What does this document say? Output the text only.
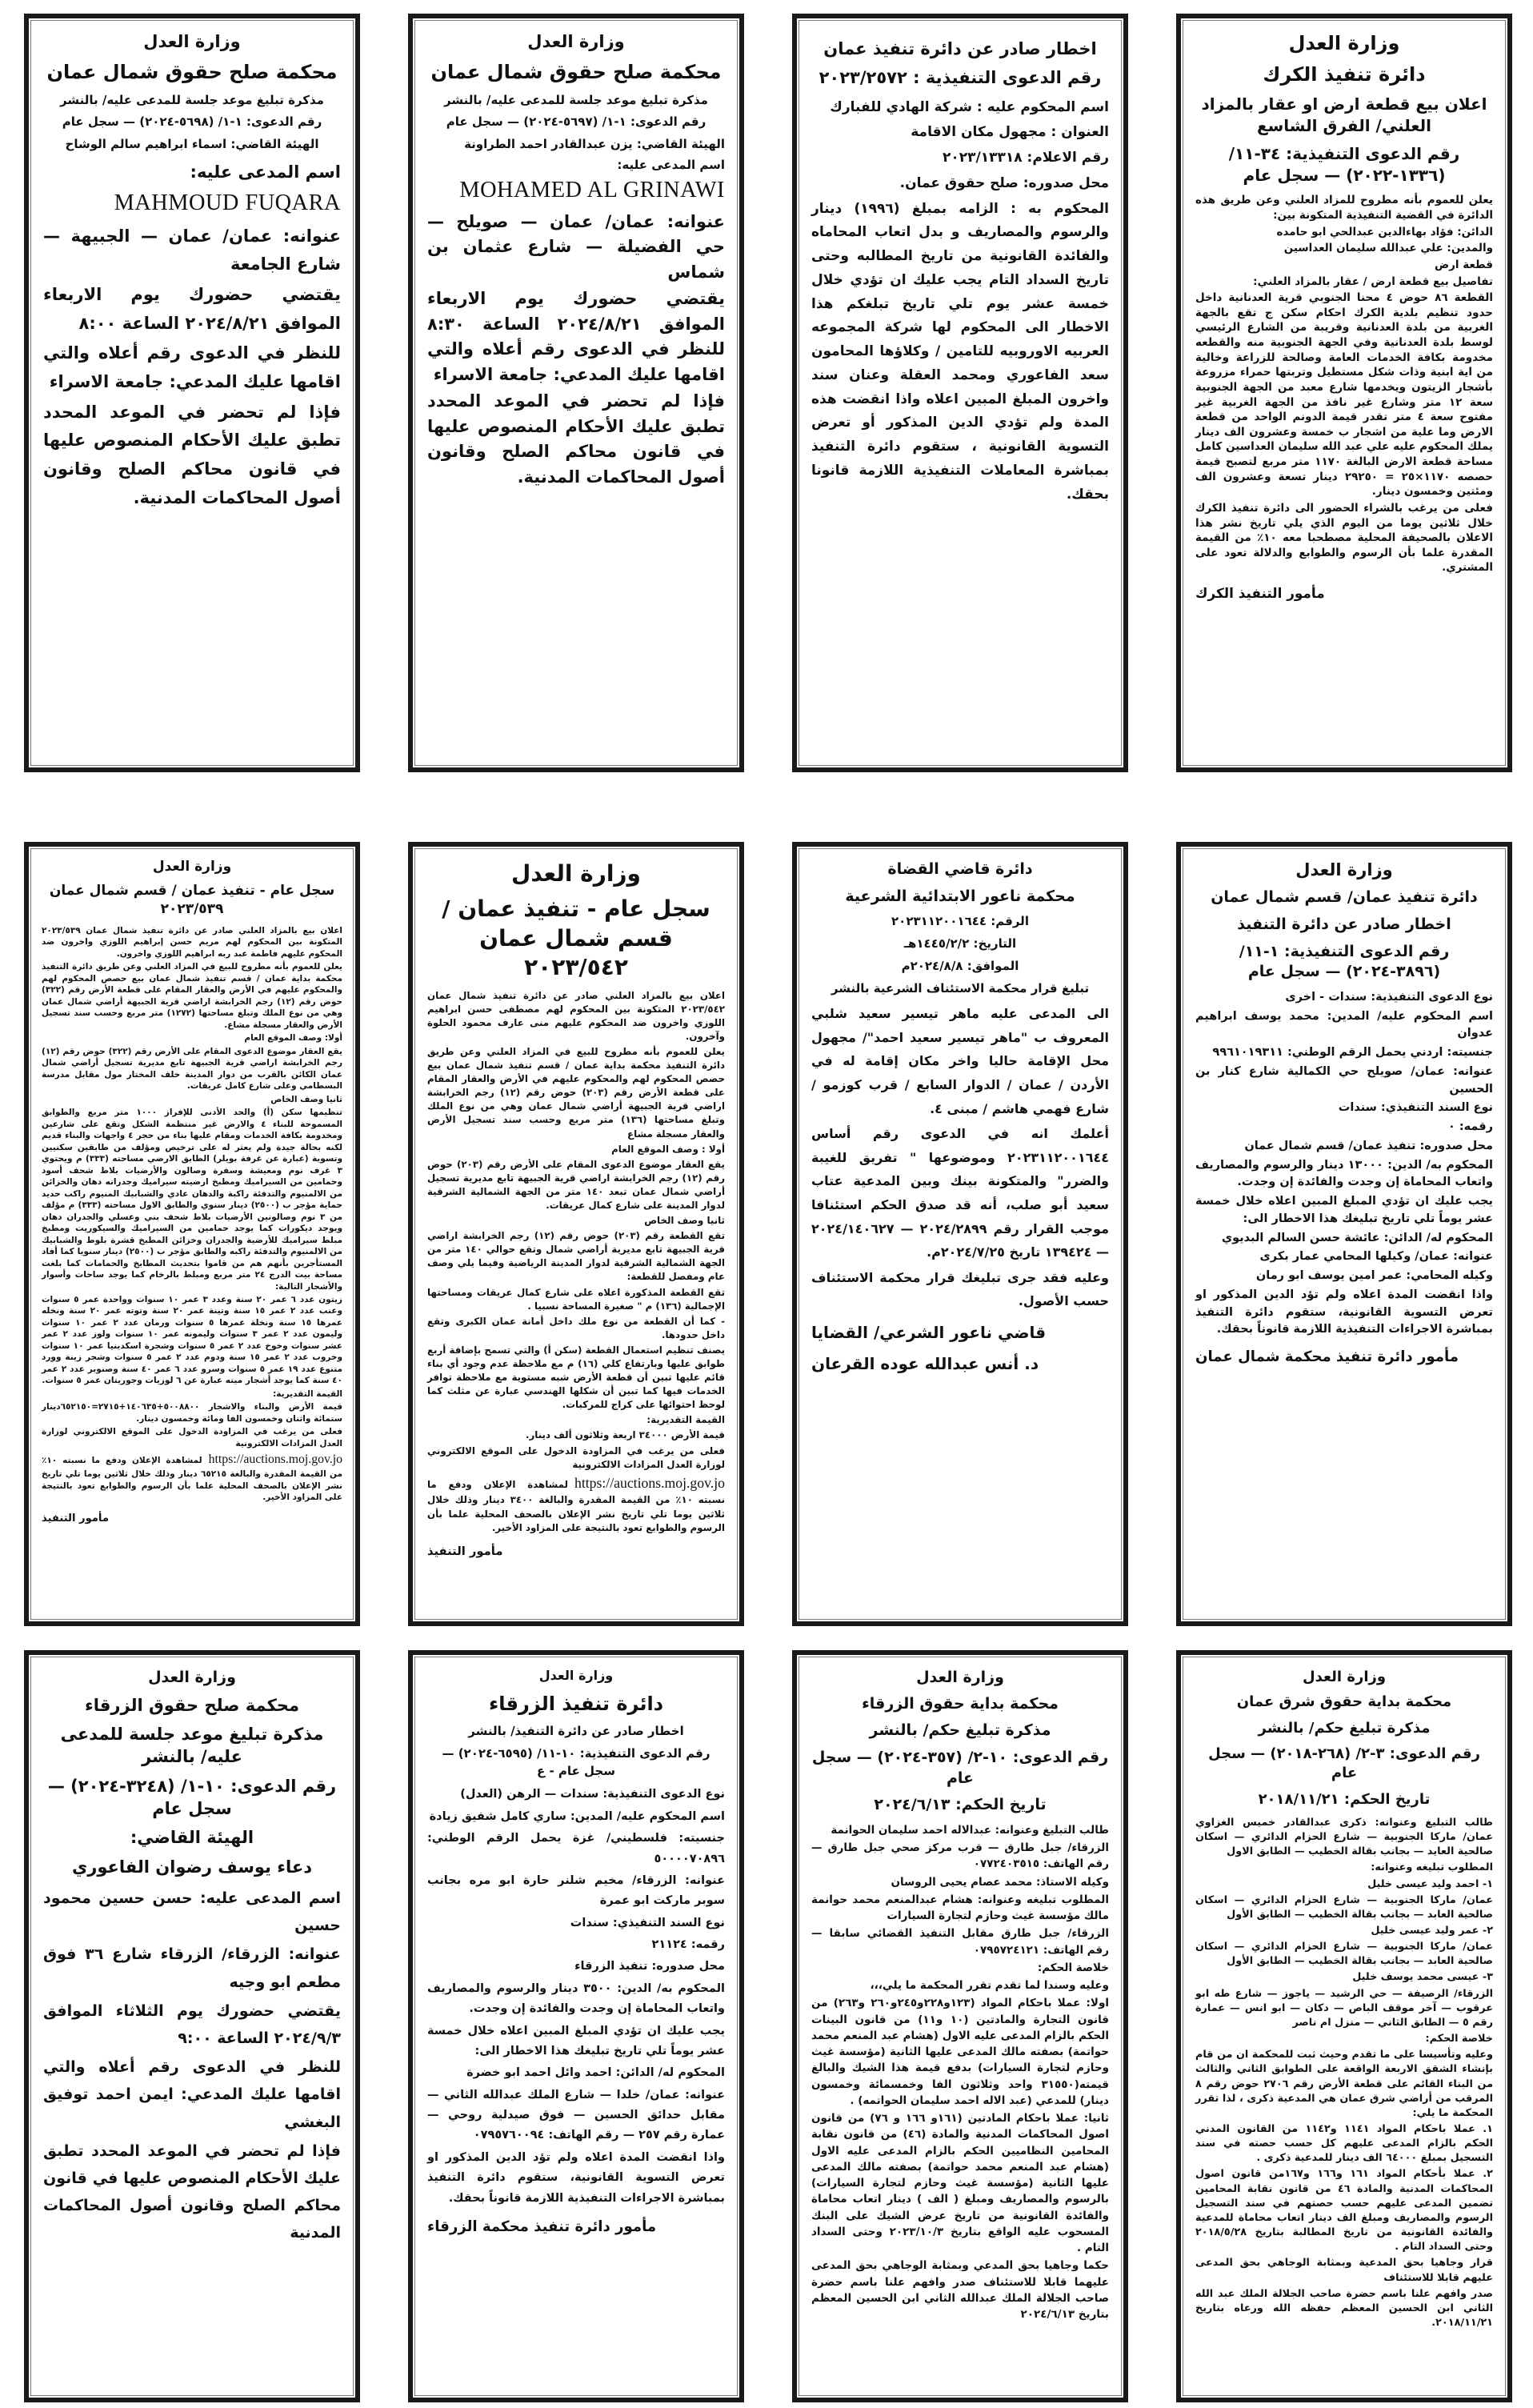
وزارة العدل
دائرة تنفيذ الكرك
اعلان بيع قطعة ارض او عقار بالمزاد العلني/ الفرق الشاسع
رقم الدعوى التنفيذية: ٣٤-١١/ (١٣٣٦-٢٠٢٢) — سجل عام
يعلن للعموم بأنه مطروح للمزاد العلني وعن طريق هذه الدائرة في القضية التنفيذية المتكونة بين:
الدائن: فؤاد بهاءالدين عبدالحي ابو حامده
والمدين: علي عبدالله سليمان العداسين
قطعة ارض
تفاصيل بيع قطعة ارض / عقار بالمزاد العلني:
القطعة ٨٦ حوض ٤ محنا الجنوبي قرية العدنانية داخل حدود تنظيم بلدية الكرك احكام سكن ج تقع بالجهة الغربية من بلدة العدنانية وقريبة من الشارع الرئيسي لوسط بلدة العدنانية وفي الجهة الجنوبية منه والقطعه مخدومة بكافة الخدمات العامة وصالحة للزراعة وخالية من اية ابنية وذات شكل مستطيل وتربتها حمراء مزروعة بأشجار الزيتون ويخدمها شارع معبد من الجهة الجنوبية سعة ١٢ متر وشارع غير نافذ من الجهة الغربية غير مفتوح سعة ٤ متر تقدر قيمة الدونم الواحد من قطعة الارض وما علية من اشجار ب خمسة وعشرون الف دينار يملك المحكوم عليه علي عبد الله سليمان العداسين كامل مساحة قطعة الارض البالغة ١١٧٠ متر مربع لتصبح قيمة حصصه ١١٧٠×٢٥ = ٢٩٢٥٠ دينار تسعة وعشرون الف ومئتين وخمسون دينار.
فعلى من يرغب بالشراء الحضور الى دائرة تنفيذ الكرك خلال ثلاثين يوما من اليوم الذي يلي تاريخ نشر هذا الاعلان بالصحيفة المحلية مصطحبا معه ١٠٪ من القيمة المقدرة علما بأن الرسوم والطوابع والدلالة تعود على المشتري.
مأمور التنفيذ الكرك
اخطار صادر عن دائرة تنفيذ عمان
رقم الدعوى التنفيذية : ٢٠٢٣/٢٥٧٢
اسم المحكوم عليه : شركة الهادي للفبارك
العنوان : مجهول مكان الاقامة
رقم الاعلام: ٢٠٢٣/١٣٣١٨
محل صدوره: صلح حقوق عمان.
المحكوم به : الزامه بمبلغ (١٩٩٦) دينار والرسوم والمصاريف و بدل اتعاب المحاماه والفائدة القانونية من تاريخ المطالبه وحتى تاريخ السداد التام يجب عليك ان تؤدي خلال خمسة عشر يوم تلي تاريخ تبلغكم هذا الاخطار الى المحكوم لها شركة المجموعه العربيه الاوروبيه للتامين / وكلاؤها المحامون سعد الفاعوري ومحمد العقلة وعنان سند واخرون المبلغ المبين اعلاه واذا انقضت هذه المدة ولم تؤدي الدين المذكور أو تعرض التسوية القانونية ، ستقوم دائرة التنفيذ بمباشرة المعاملات التنفيذية اللازمة قانونا بحقك.
وزارة العدل
محكمة صلح حقوق شمال عمان
مذكرة تبليغ موعد جلسة للمدعى عليه/ بالنشر
رقم الدعوى: ١-١/ (٥٦٩٧-٢٠٢٤) — سجل عام
الهيئة القاضي: يزن عبدالقادر احمد الطراونة
اسم المدعى عليه:
MOHAMED AL GRINAWI
عنوانه: عمان/ عمان — صويلح — حي الفضيلة — شارع عثمان بن شماس
يقتضي حضورك يوم الاربعاء الموافق ٢٠٢٤/٨/٢١ الساعة ٨:٣٠ للنظر في الدعوى رقم أعلاه والتي اقامها عليك المدعي: جامعة الاسراء
فإذا لم تحضر في الموعد المحدد تطبق عليك الأحكام المنصوص عليها في قانون محاكم الصلح وقانون أصول المحاكمات المدنية.
وزارة العدل
محكمة صلح حقوق شمال عمان
مذكرة تبليغ موعد جلسة للمدعى عليه/ بالنشر
رقم الدعوى: ١-١/ (٥٦٩٨-٢٠٢٤) — سجل عام
الهيئة القاضي: اسماء ابراهيم سالم الوشاح
اسم المدعى عليه:
MAHMOUD FUQARA
عنوانه: عمان/ عمان — الجبيهة — شارع الجامعة
يقتضي حضورك يوم الاربعاء الموافق ٢٠٢٤/٨/٢١ الساعة ٨:٠٠
للنظر في الدعوى رقم أعلاه والتي اقامها عليك المدعي: جامعة الاسراء
فإذا لم تحضر في الموعد المحدد تطبق عليك الأحكام المنصوص عليها في قانون محاكم الصلح وقانون أصول المحاكمات المدنية.
وزارة العدل
دائرة تنفيذ عمان/ قسم شمال عمان
اخطار صادر عن دائرة التنفيذ
رقم الدعوى التنفيذية: ١-١١/ (٣٨٩٦-٢٠٢٤) — سجل عام
نوع الدعوى التنفيذية: سندات - اخرى
اسم المحكوم عليه/ المدين: محمد يوسف ابراهيم عدوان
جنسيته: اردني يحمل الرقم الوطني: ٩٩٦١٠١٩٣١١
عنوانه: عمان/ صويلح حي الكمالية شارع كنار بن الحسين
نوع السند التنفيذي: سندات
رقمه: ٠
محل صدوره: تنفيذ عمان/ قسم شمال عمان
المحكوم به/ الدين: ١٣٠٠٠ دينار والرسوم والمصاريف واتعاب المحاماة إن وجدت والفائدة إن وجدت.
يجب عليك ان تؤدي المبلغ المبين اعلاه خلال خمسة عشر يوماً تلي تاريخ تبليغك هذا الاخطار الى:
المحكوم له/ الدائن: عائشة حسن السالم البديوي
عنوانه: عمان/ وكيلها المحامي عمار بكرى
وكيله المحامي: عمر امين يوسف ابو رمان
واذا انقضت المدة اعلاه ولم تؤد الدين المذكور او تعرض التسوية القانونية، ستقوم دائرة التنفيذ بمباشرة الاجراءات التنفيذية اللازمة قانوناً بحقك.
مأمور دائرة تنفيذ محكمة شمال عمان
دائرة قاضي القضاة
محكمة ناعور الابتدائية الشرعية
الرقم: ٢٠٢٣١١٢٠٠١٦٤٤
التاريخ: ١٤٤٥/٢/٢هـ
الموافق: ٢٠٢٤/٨/٨م
تبليغ قرار محكمة الاستئناف الشرعية بالنشر
الى المدعى عليه ماهر تيسير سعيد شلبي المعروف ب "ماهر تيسير سعيد احمد"/ مجهول محل الإقامة حاليا واخر مكان إقامة له في الأردن / عمان / الدوار السابع / قرب كوزمو / شارع فهمي هاشم / مبنى ٤.
أعلمك انه في الدعوى رقم أساس ٢٠٢٣١١٢٠٠١٦٤٤ وموضوعها " تفريق للغيبة والضرر" والمتكونة بينك وبين المدعية عتاب سعيد أبو صلب، أنه قد صدق الحكم استئنافا موجب القرار رقم ٢٠٢٤/٢٨٩٩ — ٢٠٢٤/١٤٠٦٢٧ — ١٣٩٤٢٤ تاريخ ٢٠٢٤/٧/٢٥م.
وعليه فقد جرى تبليغك قرار محكمة الاستئناف حسب الأصول.
قاضي ناعور الشرعي/ القضايا
د. أنس عبدالله عوده القرعان
وزارة العدل
سجل عام - تنفيذ عمان / قسم شمال عمان ٢٠٢٣/٥٤٢
اعلان بيع بالمزاد العلني صادر عن دائرة تنفيذ شمال عمان ٢٠٢٣/٥٤٢ المتكونة بين المحكوم لهم مصطفى حسن ابراهيم اللوزي واخرون ضد المحكوم عليهم منى عارف محمود الحلوة وآخرون.
يعلن للعموم بأنه مطروح للبيع في المزاد العلني وعن طريق دائرة التنفيذ محكمة بداية عمان / قسم تنفيذ شمال عمان بيع حصص المحكوم لهم والمحكوم عليهم في الأرض والعقار المقام على قطعة الأرض رقم (٢٠٣) حوض رقم (١٢) رجم الخرابشة اراضي قرية الجبيهة أراضي شمال عمان وهي من نوع الملك وتبلغ مساحتها (١٣٦) متر مربع وحسب سند تسجيل الأرض والعقار مسجلة مشاع
أولا : وصف الموقع العام
يقع العقار موضوع الدعوى المقام على الأرض رقم (٢٠٣) حوض رقم (١٢) رجم الخرابشة اراضي قرية الجبيهة تابع مديرية تسجيل أراضي شمال عمان تبعد ١٤٠ متر من الجهة الشمالية الشرقية لدوار المدينة على شارع كمال عريقات.
ثانيا وصف الخاص
تقع القطعة رقم (٢٠٣) حوض رقم (١٢) رجم الخرابشة اراضي قرية الجبيهة تابع مديرية أراضي شمال وتقع حوالي ١٤٠ متر من الجهة الشمالية الشرقية لدوار المدينة الرياضية وفيما يلي وصف عام ومفصل للقطعة:
تقع القطعة المذكورة اعلاه على شارع كمال عريقات ومساحتها الإجمالية (١٣٦) م " صغيرة المساحة نسبيا .
- كما أن القطعة من نوع ملك داخل أمانة عمان الكبرى وتقع داخل حدودها.
يصنف تنظيم استعمال القطعة (سكن أ) والتي تسمح بإضافة أربع طوابق عليها وبارتفاع كلي (١٦) م مع ملاحظة عدم وجود أي بناء قائم عليها تبين أن قطعة الأرض شبه مستوية مع ملاحظة توافر الخدمات فيها كما تبين أن شكلها الهندسي عبارة عن مثلث كما لوحظ احتوائها على كراج للمركبات.
القيمة التقديرية:
قيمة الأرض ٣٤٠٠٠ اربعة وثلاثون ألف دينار.
فعلى من يرغب في المزاودة الدخول على الموقع الالكتروني لوزارة العدل المزادات الالكترونية
https://auctions.moj.gov.joلمشاهدة الإعلان ودفع ما نسبته ١٠٪ من القيمة المقدرة والبالغة ٣٤٠٠ دينار وذلك خلال ثلاثين يوما تلي تاريخ نشر الإعلان بالصحف المحلية علما بأن الرسوم والطوابع تعود بالنتيجة على المزاود الأخير.
مأمور التنفيذ
وزارة العدل
سجل عام - تنفيذ عمان / قسم شمال عمان ٢٠٢٣/٥٣٩
اعلان بيع بالمزاد العلني صادر عن دائرة تنفيذ شمال عمان ٢٠٢٣/٥٣٩ المتكونة بين المحكوم لهم مريم حسن إبراهيم اللوزي واخرون ضد المحكوم عليهم فاطمة عبد ربه ابراهيم اللوزي واخرون.
يعلن للعموم بأنه مطروح للبيع في المزاد العلني وعن طريق دائرة التنفيذ محكمة بداية عمان / قسم تنفيذ شمال عمان بيع حصص المحكوم لهم والمحكوم عليهم في الأرض والعقار المقام على قطعة الأرض رقم (٣٢٢) حوض رقم (١٢) رجم الخرابشة اراضي قرية الجبيهة أراضي شمال عمان وهي من نوع الملك وتبلغ مساحتها (١٢٧٢) متر مربع وحسب سند تسجيل الأرض والعقار مسجلة مشاع.
أولا: وصف الموقع العام
يقع العقار موضوع الدعوى المقام على الأرض رقم (٣٢٢) حوض رقم (١٢) رجم الخرابشة اراضي قرية الجبيهة تابع مديرية تسجيل أراضي شمال عمان الكائن بالقرب من دوار المدينة خلف المختار مول مقابل مدرسة البسطامي وعلى شارع كامل عريقات.
ثانيا وصف الخاص
تنظيمها سكن (أ) والحد الأدنى للإفراز ١٠٠٠ متر مربع والطوابق المسموحة للبناء ٤ والارض غير منتظمة الشكل وتقع على شارعين ومخدومة بكافة الخدمات ومقام عليها بناء من حجر ٤ واجهات والبناء قديم لكنه بحالة جيدة ولم يعثر له على ترخيص ومؤلف من طابقين سكنيين وتسوية (عبارة عن غرفة بويلر) الطابق الارضي مساحته (٣٣٣) م ويحتوي ٣ غرف نوم ومعيشة وسفرة وصالون والأرضيات بلاط شحف أسود وحمامين من السيراميك ومطبخ ارضيته سيراميك وجدرانه دهان والخزائن من الالمنيوم والتدفئة راكبة والدهان عادي والشبابيك المنيوم راكب حديد حماية مؤجر ب (٢٥٠٠) دينار سنوي والطابق الاول مساحته (٣٣٣) م مؤلف من ٣ نوم وصالونين الأرضيات بلاط شحف بني وعسلي والجدران دهان ويوجد ديكورات كما يوجد حمامين من السيراميك والسيكوريت ومطبخ مبلط سيراميك للأرضية والجدران وخزائن المطبخ قشرة بلوط والشبابيك من الالمنيوم والتدفئة راكبه والطابق مؤجر ب (٢٥٠٠) دينار سنويا كما أفاد المستأجرين بأنهم هم من قاموا بتحديث المطابخ والحمامات كما بلغت مساحة بيت الدرج ٢٤ متر مربع ومبلط بالرخام كما يوجد ساحات وأسوار والأشجار التالية:
زيتون عدد ٦ عمر ٢٠ سنة وعدد ٣ عمر ١٠ سنوات وواحدة عمر ٥ سنوات وعنب عدد ٢ عمر ١٥ سنة وتينة عمر ٢٠ سنة وتوته عمر ٢٠ سنة ونخله عمرها ١٥ سنة ونخلة عمرها ٥ سنوات ورمان عدد ٢ عمر ١٠ سنوات وليمون عدد ٢ عمر ٣ سنوات وليمونه عمر ١٠ سنوات ولوز عدد ٢ عمر عشر سنوات وخوخ عدد ٢ عمر ٥ سنوات وشجرة اسكدينيا عمر ١٠ سنوات وخروب عدد ٢ عمر ١٥ سنة ودوم عدد ٢ عمر ٥ سنوات وشجر زينة وورد متنوع عدد ١٩ عمر ٥ سنوات وسرو عدد ٦ عمر ٤٠ سنة وصنوبر عدد ٢ عمر ٤٠ سنة كما يوجد أشجار ميته عبارة عن ٦ لوزيات وجوريتان عمر ٥ سنوات.
القيمة التقديرية:
قيمة الأرض والبناء والاشجار ٥٠٠٨٨٠٠+١٤٠٦٣٥+٢٧١٥=٦٥٢١٥٠دينار ستمائة واثنان وخمسون الفا ومائة وخمسون دينار.
فعلى من يرغب في المزاودة الدخول على الموقع الالكتروني لوزارة العدل المزادات الالكترونية
https://auctions.moj.gov.joلمشاهدة الإعلان ودفع ما نسبته ١٠٪ من القيمة المقدرة والبالغة ٦٥٢١٥ دينار وذلك خلال ثلاثين يوما تلي تاريخ نشر الإعلان بالصحف المحلية علما بأن الرسوم والطوابع تعود بالنتيجة على المزاود الأخير.
مأمور التنفيذ
وزارة العدل
محكمة بداية حقوق شرق عمان
مذكرة تبليغ حكم/ بالنشر
رقم الدعوى: ٣-٢/ (٢٦٨-٢٠١٨) — سجل عام
تاريخ الحكم: ٢٠١٨/١١/٢١
طالب التبليغ وعنوانه: ذكرى عبدالقادر خميس الغزاوي عمان/ ماركا الجنوبية — شارع الحزام الدائري — اسكان صالحية العايد — بجانب بقالة الخطيب — الطابق الاول
المطلوب تبليغه وعنوانه:
١- احمد وليد عيسى خليل
عمان/ ماركا الجنوبية — شارع الحزام الدائري — اسكان صالحية العابد — بجانب بقالة الخطيب — الطابق الأول
٢- عمر وليد عيسى خليل
عمان/ ماركا الجنوبية — شارع الحزام الدائري — اسكان صالحية العابد — بجانب بقالة الخطيب — الطابق الأول
٣- عيسى محمد يوسف خليل
الزرقاء/ الرصيفة — حي الرشيد — ياجوز — شارع طه ابو عرقوب — آخر موقف الباص — دكان — ابو انس — عمارة رقم ٥ — الطابق الثاني — منزل ام ناصر
خلاصة الحكم:
وعليه وتأسيسا على ما تقدم وحيث ثبت للمحكمة ان من قام بإنشاء الشقق الاربعة الواقعة على الطوابق الثاني والثالث من البناء القائم على قطعة الأرض رقم ٢٧٠٦ حوض رقم ٨ المرقب من أراضي شرق عمان هي المدعية ذكرى ، لذا تقرر المحكمة ما يلي:
١. عملا باحكام المواد ١١٤١ و١١٤٢ من القانون المدني الحكم بالزام المدعى عليهم كل حسب حصته في سند التسجيل بمبلغ ٦٤٠٠٠ الف دينار للمدعية ذكرى .
٢. عملا بأحكام المواد ١٦١ و١٦٦ و١٦٧من قانون اصول المحاكمات المدنية والمادة ٤٦ من قانون نقابة المحامين تضمين المدعى عليهم حسب حصتهم في سند التسجيل الرسوم والمصاريف ومبلغ الف دينار اتعاب محاماة للمدعية والفائدة القانونية من تاريخ المطالبة بتاريخ ٢٠١٨/٥/٢٨ وحتى السداد التام .
قرار وجاهيا بحق المدعية وبمثابة الوجاهي بحق المدعى عليهم قابلا للاستئناف
صدر وافهم علنا باسم حضرة صاحب الجلالة الملك عبد الله الثاني ابن الحسين المعظم حفظه الله ورعاه بتاريخ ٢٠١٨/١١/٢١.
وزارة العدل
محكمة بداية حقوق الزرقاء
مذكرة تبليغ حكم/ بالنشر
رقم الدعوى: ١٠-٢/ (٣٥٧-٢٠٢٤) — سجل عام
تاريخ الحكم: ٢٠٢٤/٦/١٣
طالب التبليغ وعنوانه: عبدالاله احمد سليمان الحوانمة
الزرقاء/ جبل طارق — قرب مركز صحي جبل طارق — رقم الهاتف: ٠٧٧٢٤٠٣٥١٥
وكيله الاستاذ: محمد عصام يحيى الروسان
المطلوب تبليغه وعنوانه: هشام عبدالمنعم محمد حوانمة مالك مؤسسة غيث وحازم لتجارة السيارات
الزرقاء/ جبل طارق مقابل التنفيذ القضائي سابقا — رقم الهاتف: ٠٧٩٥٧٢٤١٢١
خلاصة الحكم:
وعليه وسندا لما تقدم تقرر المحكمة ما يلي،،،
اولا: عملا باحكام المواد (١٢٣و٢٢٨و٢٤٥و٢٦٠ و٢٦٣) من قانون التجارة والمادتين (١٠ و١١) من قانون البينات الحكم بالزام المدعى عليه الاول (هشام عبد المنعم محمد حواتمة) بصفته مالك المدعى عليها الثانية (مؤسسة غيث وحازم لتجارة السيارات) بدفع قيمة هذا الشيك والبالغ قيمته(٣١٥٥٠ واحد وثلاثون الفا وخمسمائة وخمسون دينار) للمدعي (عبد الاله احمد سليمان الحواتمه) .
ثانيا: عملا باحكام المادتين (١٦١و ١٦٦ و ٧٦) من قانون اصول المحاكمات المدنية والمادة (٤٦) من قانون نقابة المحامين النظاميين الحكم بالزام المدعى عليه الاول (هشام عبد المنعم محمد حواتمة) بصفته مالك المدعى عليها الثانية (مؤسسة غيث وحازم لتجارة السيارات) بالرسوم والمصاريف ومبلغ ( الف ) دينار اتعاب محاماة والفائدة القانونية من تاريخ عرض الشيك على البنك المسحوب عليه الواقع بتاريخ ٢٠٢٣/١٠/٣ وحتى السداد التام .
حكما وجاهيا بحق المدعي وبمثابة الوجاهي بحق المدعى عليهما قابلا للاستئناف صدر وافهم علنا باسم حضرة صاحب الجلالة الملك عبدالله الثاني ابن الحسين المعظم بتاريخ ٢٠٢٤/٦/١٣
وزارة العدل
دائرة تنفيذ الزرقاء
اخطار صادر عن دائرة التنفيذ/ بالنشر
رقم الدعوى التنفيذية: ١٠-١١/ (٦٥٩٥-٢٠٢٤) — سجل عام - ع
نوع الدعوى التنفيذية: سندات — الرهن (العدل)
اسم المحكوم عليه/ المدين: ساري كامل شفيق زيادة
جنسيته: فلسطيني/ غزة يحمل الرقم الوطني: ٥٠٠٠٠٧٠٨٩٦
عنوانه: الزرقاء/ مخيم شلنر حارة ابو مره بجانب سوبر ماركت ابو عمرة
نوع السند التنفيذي: سندات
رقمه: ٢١١٢٤
محل صدوره: تنفيذ الزرقاء
المحكوم به/ الدين: ٣٥٠٠ دينار والرسوم والمصاريف واتعاب المحاماة إن وجدت والفائدة إن وجدت.
يجب عليك ان تؤدي المبلغ المبين اعلاه خلال خمسة عشر يوماً تلي تاريخ تبليغك هذا الاخطار الى:
المحكوم له/ الدائن: احمد وائل احمد ابو خضرة
عنوانه: عمان/ خلدا — شارع الملك عبدالله الثاني — مقابل حدائق الحسين — فوق صيدلية روحي — عمارة رقم ٢٥٧ — رقم الهاتف: ٠٧٩٥٧٦٠٠٩٤
واذا انقضت المدة اعلاه ولم تؤد الدين المذكور او تعرض التسوية القانونية، ستقوم دائرة التنفيذ بمباشرة الاجراءات التنفيذية اللازمة قانوناً بحقك.
مأمور دائرة تنفيذ محكمة الزرقاء
وزارة العدل
محكمة صلح حقوق الزرقاء
مذكرة تبليغ موعد جلسة للمدعى عليه/ بالنشر
رقم الدعوى: ١٠-١/ (٣٢٤٨-٢٠٢٤) — سجل عام
الهيئة القاضي:
دعاء يوسف رضوان الفاعوري
اسم المدعى عليه: حسن حسين محمود حسين
عنوانه: الزرقاء/ الزرقاء شارع ٣٦ فوق مطعم ابو وجيه
يقتضي حضورك يوم الثلاثاء الموافق ٢٠٢٤/٩/٣ الساعة ٩:٠٠
للنظر في الدعوى رقم أعلاه والتي اقامها عليك المدعي: ايمن احمد توفيق البغشي
فإذا لم تحضر في الموعد المحدد تطبق عليك الأحكام المنصوص عليها في قانون محاكم الصلح وقانون أصول المحاكمات المدنية
